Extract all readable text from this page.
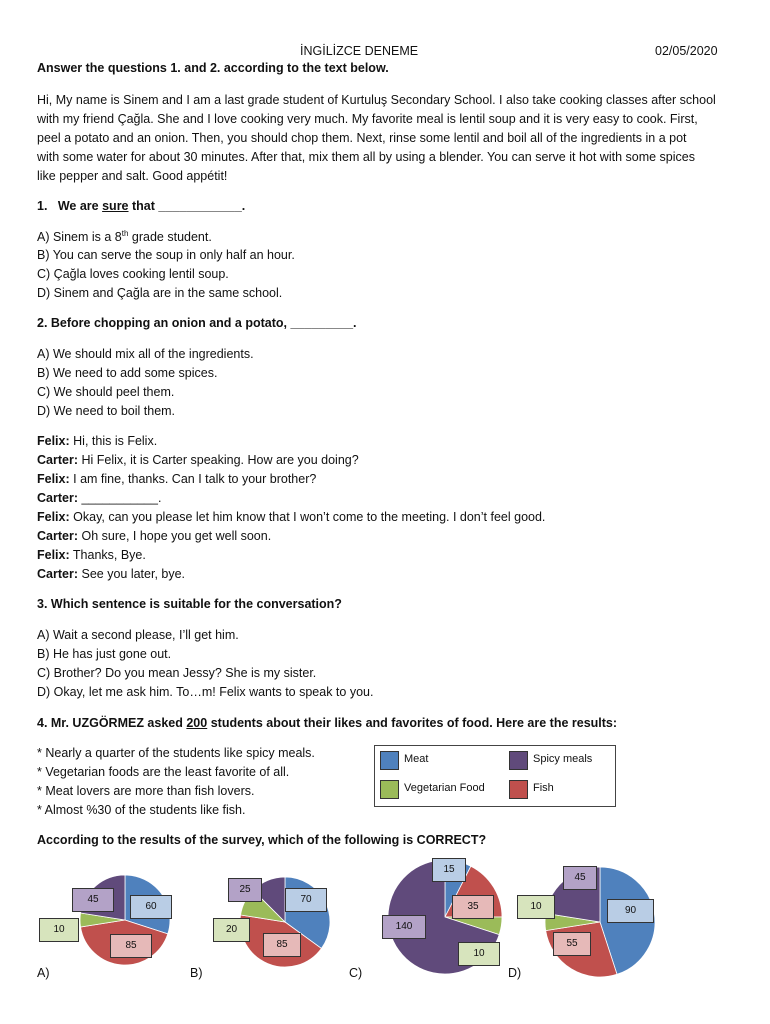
İNGİLİZCE DENEME	02/05/2020
Answer the questions 1. and 2. according to the text below.
Hi, My name is Sinem and I am a last grade student of Kurtuluş Secondary School. I also take cooking classes after school
with my friend Çağla. She and I love cooking very much. My favorite meal is lentil soup and it is very easy to cook. First,
peel a potato and an onion. Then, you should chop them. Next, rinse some lentil and boil all of the ingredients in a pot
with some water for about 30 minutes. After that, mix them all by using a blender. You can serve it hot with some spices
like pepper and salt. Good appétit!
1. We are sure that ____________.
A) Sinem is a 8th grade student.
B) You can serve the soup in only half an hour.
C) Çağla loves cooking lentil soup.
D) Sinem and Çağla are in the same school.
2. Before chopping an onion and a potato, _________.
A) We should mix all of the ingredients.
B) We need to add some spices.
C) We should peel them.
D) We need to boil them.
Felix: Hi, this is Felix.
Carter: Hi Felix, it is Carter speaking. How are you doing?
Felix: I am fine, thanks. Can I talk to your brother?
Carter: ___________.
Felix: Okay, can you please let him know that I won’t come to the meeting. I don’t feel good.
Carter: Oh sure, I hope you get well soon.
Felix: Thanks, Bye.
Carter: See you later, bye.
3. Which sentence is suitable for the conversation?
A) Wait a second please, I’ll get him.
B) He has just gone out.
C) Brother? Do you mean Jessy? She is my sister.
D) Okay, let me ask him. To…m! Felix wants to speak to you.
4. Mr. UZGÖRMEZ asked 200 students about their likes and favorites of food. Here are the results:
* Nearly a quarter of the students like spicy meals.
* Vegetarian foods are the least favorite of all.
* Meat lovers are more than fish lovers.
* Almost %30 of the students like fish.
Meat	Spicy meals
Vegetarian Food	Fish
According to the results of the survey, which of the following is CORRECT?
60
85
10
45	70
85
20
25
15
35
10
140
90
55
10
45
A)	B)	C)	D)
